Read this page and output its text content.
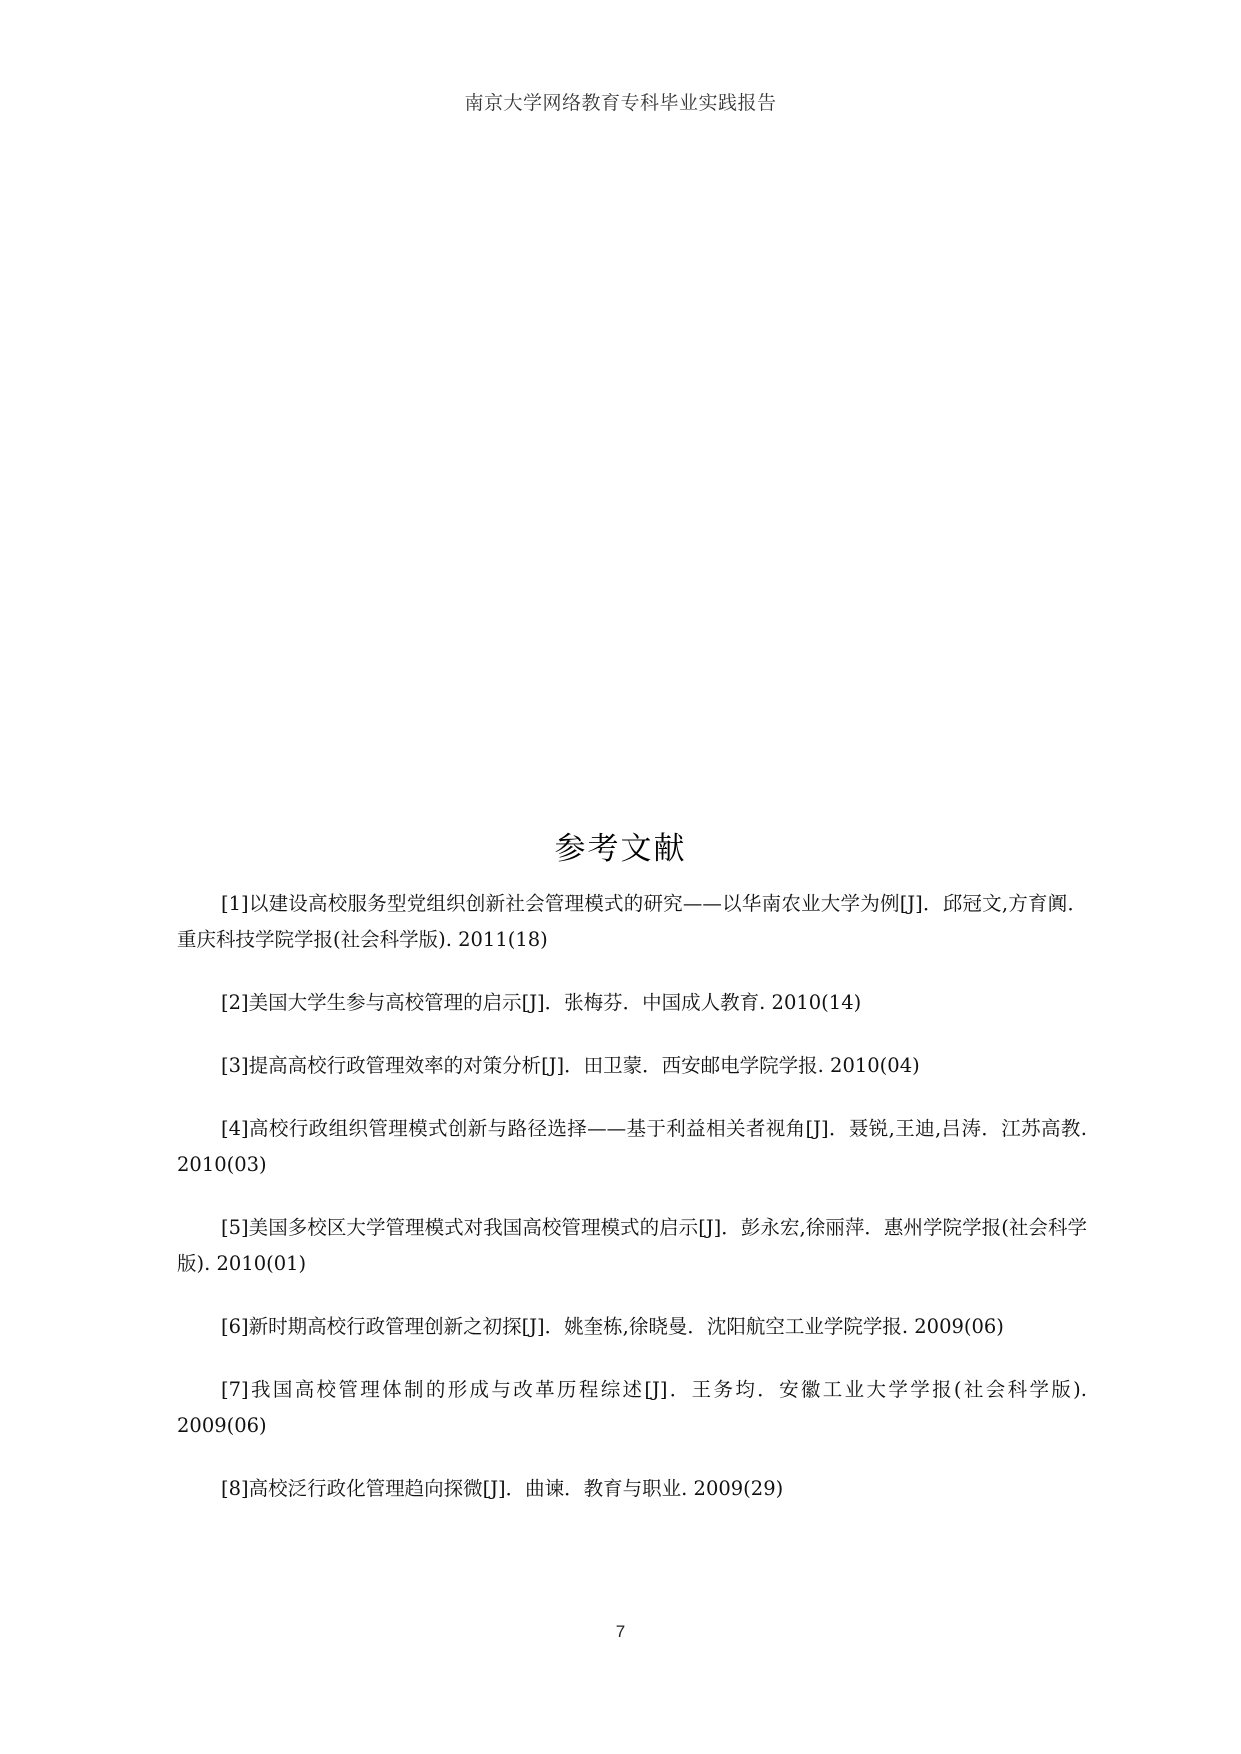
南京大学网络教育专科毕业实践报告
参考文献

[1]以建设高校服务型党组织创新社会管理模式的研究——以华南农业大学为例[J]．邱冠文,方育阗．重庆科技学院学报(社会科学版). 2011(18)

[2]美国大学生参与高校管理的启示[J]．张梅芬．中国成人教育. 2010(14)

[3]提高高校行政管理效率的对策分析[J]．田卫蒙．西安邮电学院学报. 2010(04)

[4]高校行政组织管理模式创新与路径选择——基于利益相关者视角[J]．聂锐,王迪,吕涛．江苏高教. 2010(03)

[5]美国多校区大学管理模式对我国高校管理模式的启示[J]．彭永宏,徐丽萍．惠州学院学报(社会科学版). 2010(01)

[6]新时期高校行政管理创新之初探[J]．姚奎栋,徐晓曼．沈阳航空工业学院学报. 2009(06)

[7]我国高校管理体制的形成与改革历程综述[J]．王务均．安徽工业大学学报(社会科学版). 2009(06)

[8]高校泛行政化管理趋向探微[J]．曲谏．教育与职业. 2009(29)

7
